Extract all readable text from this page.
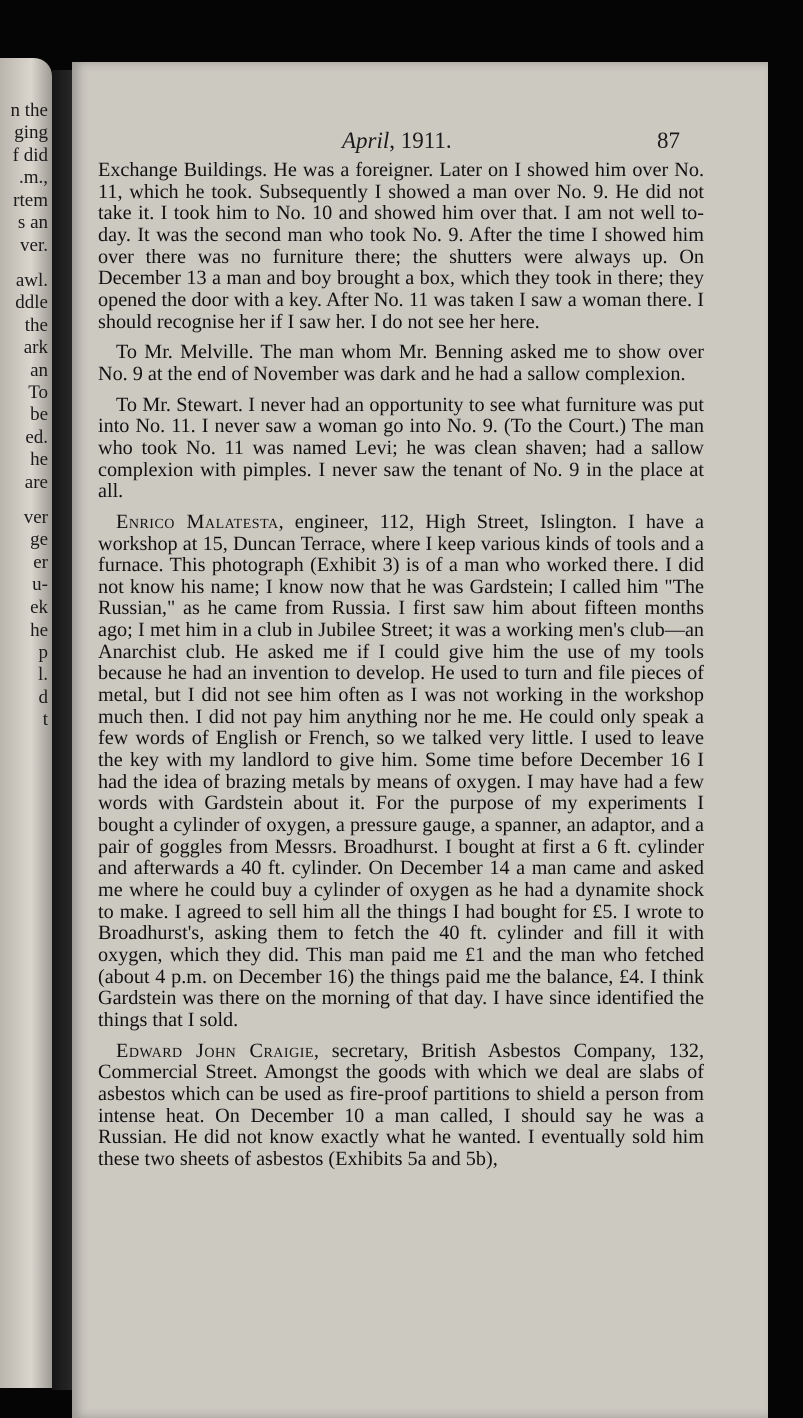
n the
ging
f did
.m.,
rtem
s an
ver.
awl.
ddle
the
ark
an
To
be
ed.
he
are
ver
ge
er
u-
ek
he
p
l.
d
t
April, 1911.	87

Exchange Buildings. He was a foreigner. Later on I showed him over No. 11, which he took. Subsequently I showed a man over No. 9. He did not take it. I took him to No. 10 and showed him over that. I am not well to-day. It was the second man who took No. 9. After the time I showed him over there was no furniture there; the shutters were always up. On December 13 a man and boy brought a box, which they took in there; they opened the door with a key. After No. 11 was taken I saw a woman there. I should recognise her if I saw her. I do not see her here.

To Mr. Melville. The man whom Mr. Benning asked me to show over No. 9 at the end of November was dark and he had a sallow complexion.

To Mr. Stewart. I never had an opportunity to see what furniture was put into No. 11. I never saw a woman go into No. 9. (To the Court.) The man who took No. 11 was named Levi; he was clean shaven; had a sallow complexion with pimples. I never saw the tenant of No. 9 in the place at all.

Enrico Malatesta, engineer, 112, High Street, Islington. I have a workshop at 15, Duncan Terrace, where I keep various kinds of tools and a furnace. This photograph (Exhibit 3) is of a man who worked there. I did not know his name; I know now that he was Gardstein; I called him "The Russian," as he came from Russia. I first saw him about fifteen months ago; I met him in a club in Jubilee Street; it was a working men's club—an Anarchist club. He asked me if I could give him the use of my tools because he had an invention to develop. He used to turn and file pieces of metal, but I did not see him often as I was not working in the workshop much then. I did not pay him anything nor he me. He could only speak a few words of English or French, so we talked very little. I used to leave the key with my landlord to give him. Some time before December 16 I had the idea of brazing metals by means of oxygen. I may have had a few words with Gardstein about it. For the purpose of my experiments I bought a cylinder of oxygen, a pressure gauge, a spanner, an adaptor, and a pair of goggles from Messrs. Broadhurst. I bought at first a 6 ft. cylinder and afterwards a 40 ft. cylinder. On December 14 a man came and asked me where he could buy a cylinder of oxygen as he had a dynamite shock to make. I agreed to sell him all the things I had bought for £5. I wrote to Broadhurst's, asking them to fetch the 40 ft. cylinder and fill it with oxygen, which they did. This man paid me £1 and the man who fetched (about 4 p.m. on December 16) the things paid me the balance, £4. I think Gardstein was there on the morning of that day. I have since identified the things that I sold.

Edward John Craigie, secretary, British Asbestos Company, 132, Commercial Street. Amongst the goods with which we deal are slabs of asbestos which can be used as fire-proof partitions to shield a person from intense heat. On December 10 a man called, I should say he was a Russian. He did not know exactly what he wanted. I eventually sold him these two sheets of asbestos (Exhibits 5a and 5b),
